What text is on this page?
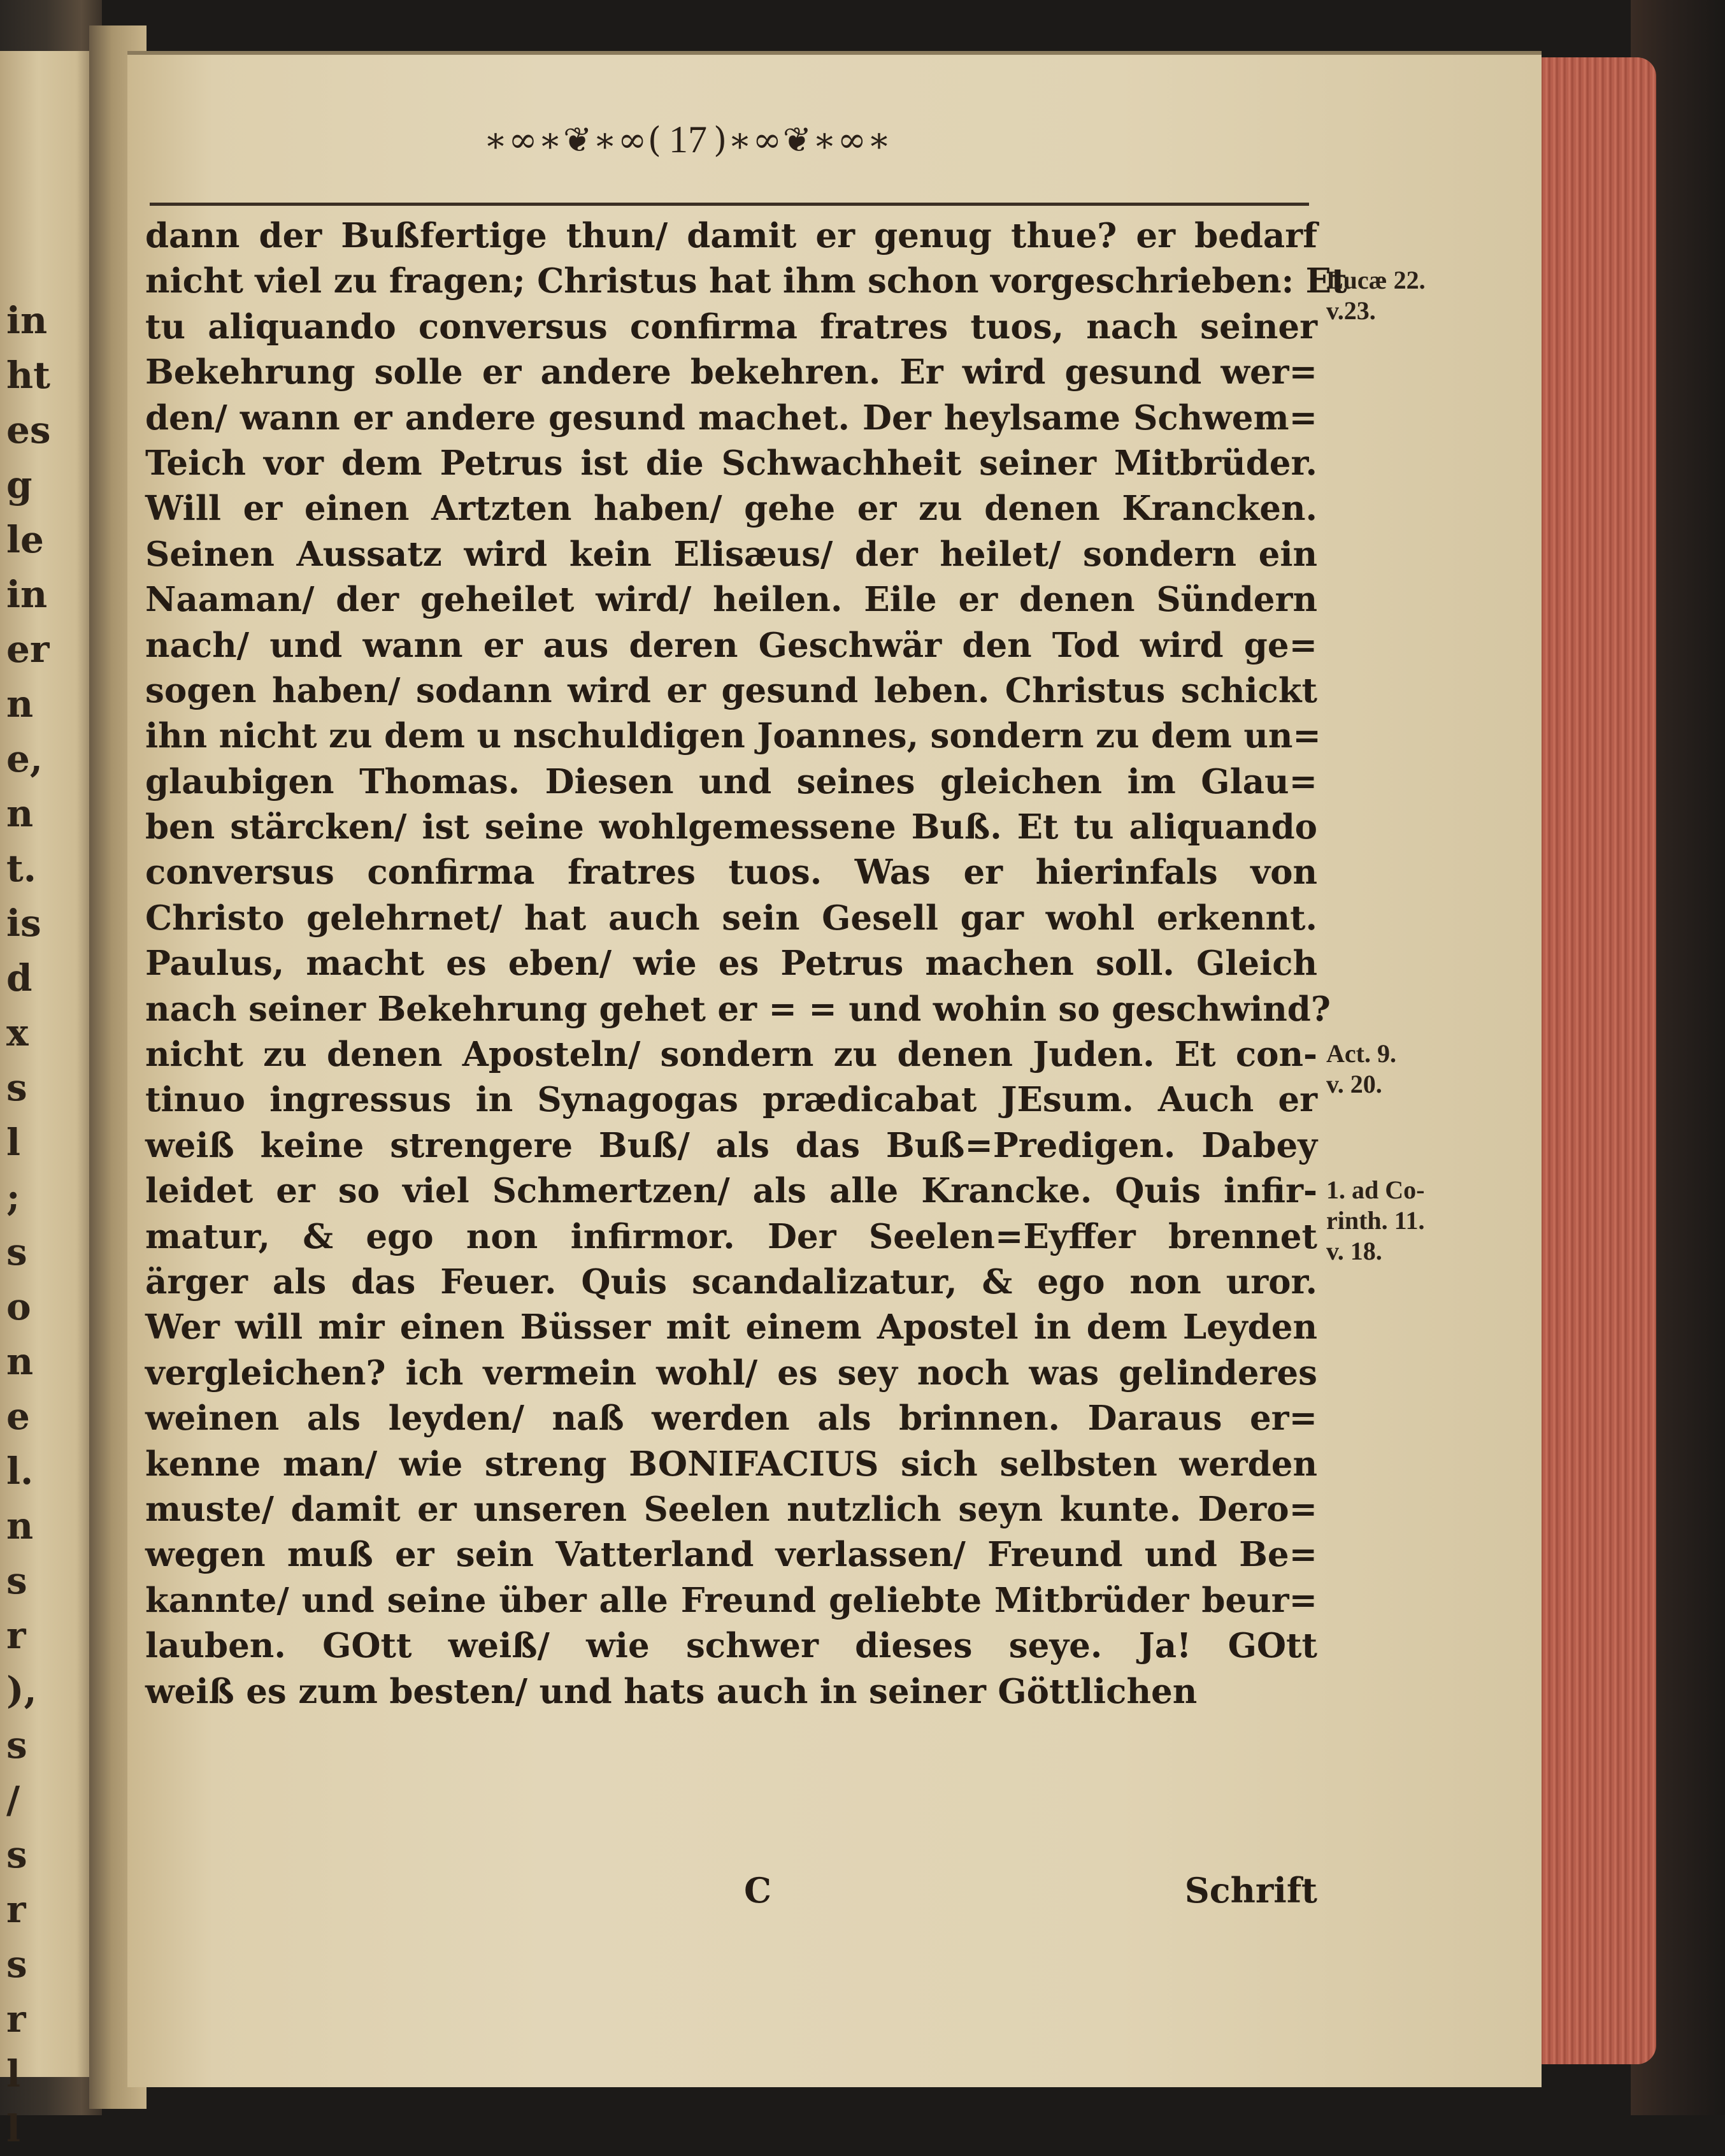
in
ht
es
g
le
in
er
n
e,
n
t.
is
d
x
s
l
;
s
o
n
e
l.
n
s
r
),
s
/
s
r
s
r
l
l
∗∞∗❦∗∞( 17 )∗∞❦∗∞∗
dann der Bußfertige thun/ damit er genug thue? er bedarf
nicht viel zu fragen; Christus hat ihm schon vorgeschrieben: Et
tu aliquando conversus confirma fratres tuos, nach seiner
Bekehrung solle er andere bekehren. Er wird gesund wer=
den/ wann er andere gesund machet. Der heylsame Schwem=
Teich vor dem Petrus ist die Schwachheit seiner Mitbrüder.
Will er einen Artzten haben/ gehe er zu denen Krancken.
Seinen Aussatz wird kein Elisæus/ der heilet/ sondern ein
Naaman/ der geheilet wird/ heilen. Eile er denen Sündern
nach/ und wann er aus deren Geschwär den Tod wird ge=
sogen haben/ sodann wird er gesund leben. Christus schickt
ihn nicht zu dem u nschuldigen Joannes, sondern zu dem un=
glaubigen Thomas. Diesen und seines gleichen im Glau=
ben stärcken/ ist seine wohlgemessene Buß. Et tu aliquando
conversus confirma fratres tuos. Was er hierinfals von
Christo gelehrnet/ hat auch sein Gesell gar wohl erkennt.
Paulus, macht es eben/ wie es Petrus machen soll. Gleich
nach seiner Bekehrung gehet er = = und wohin so geschwind?
nicht zu denen Aposteln/ sondern zu denen Juden. Et con-
tinuo ingressus in Synagogas prædicabat JEsum. Auch er
weiß keine strengere Buß/ als das Buß=Predigen. Dabey
leidet er so viel Schmertzen/ als alle Krancke. Quis infir-
matur, & ego non infirmor. Der Seelen=Eyffer brennet
ärger als das Feuer. Quis scandalizatur, & ego non uror.
Wer will mir einen Büsser mit einem Apostel in dem Leyden
vergleichen? ich vermein wohl/ es sey noch was gelinderes
weinen als leyden/ naß werden als brinnen. Daraus er=
kenne man/ wie streng BONIFACIUS sich selbsten werden
muste/ damit er unseren Seelen nutzlich seyn kunte. Dero=
wegen muß er sein Vatterland verlassen/ Freund und Be=
kannte/ und seine über alle Freund geliebte Mitbrüder beur=
lauben. GOtt weiß/ wie schwer dieses seye. Ja! GOtt
weiß es zum besten/ und hats auch in seiner Göttlichen
Lucæ 22.
v.23.
Act. 9.
v. 20.
1. ad Co-
rinth. 11.
v. 18.
C	Schrift
